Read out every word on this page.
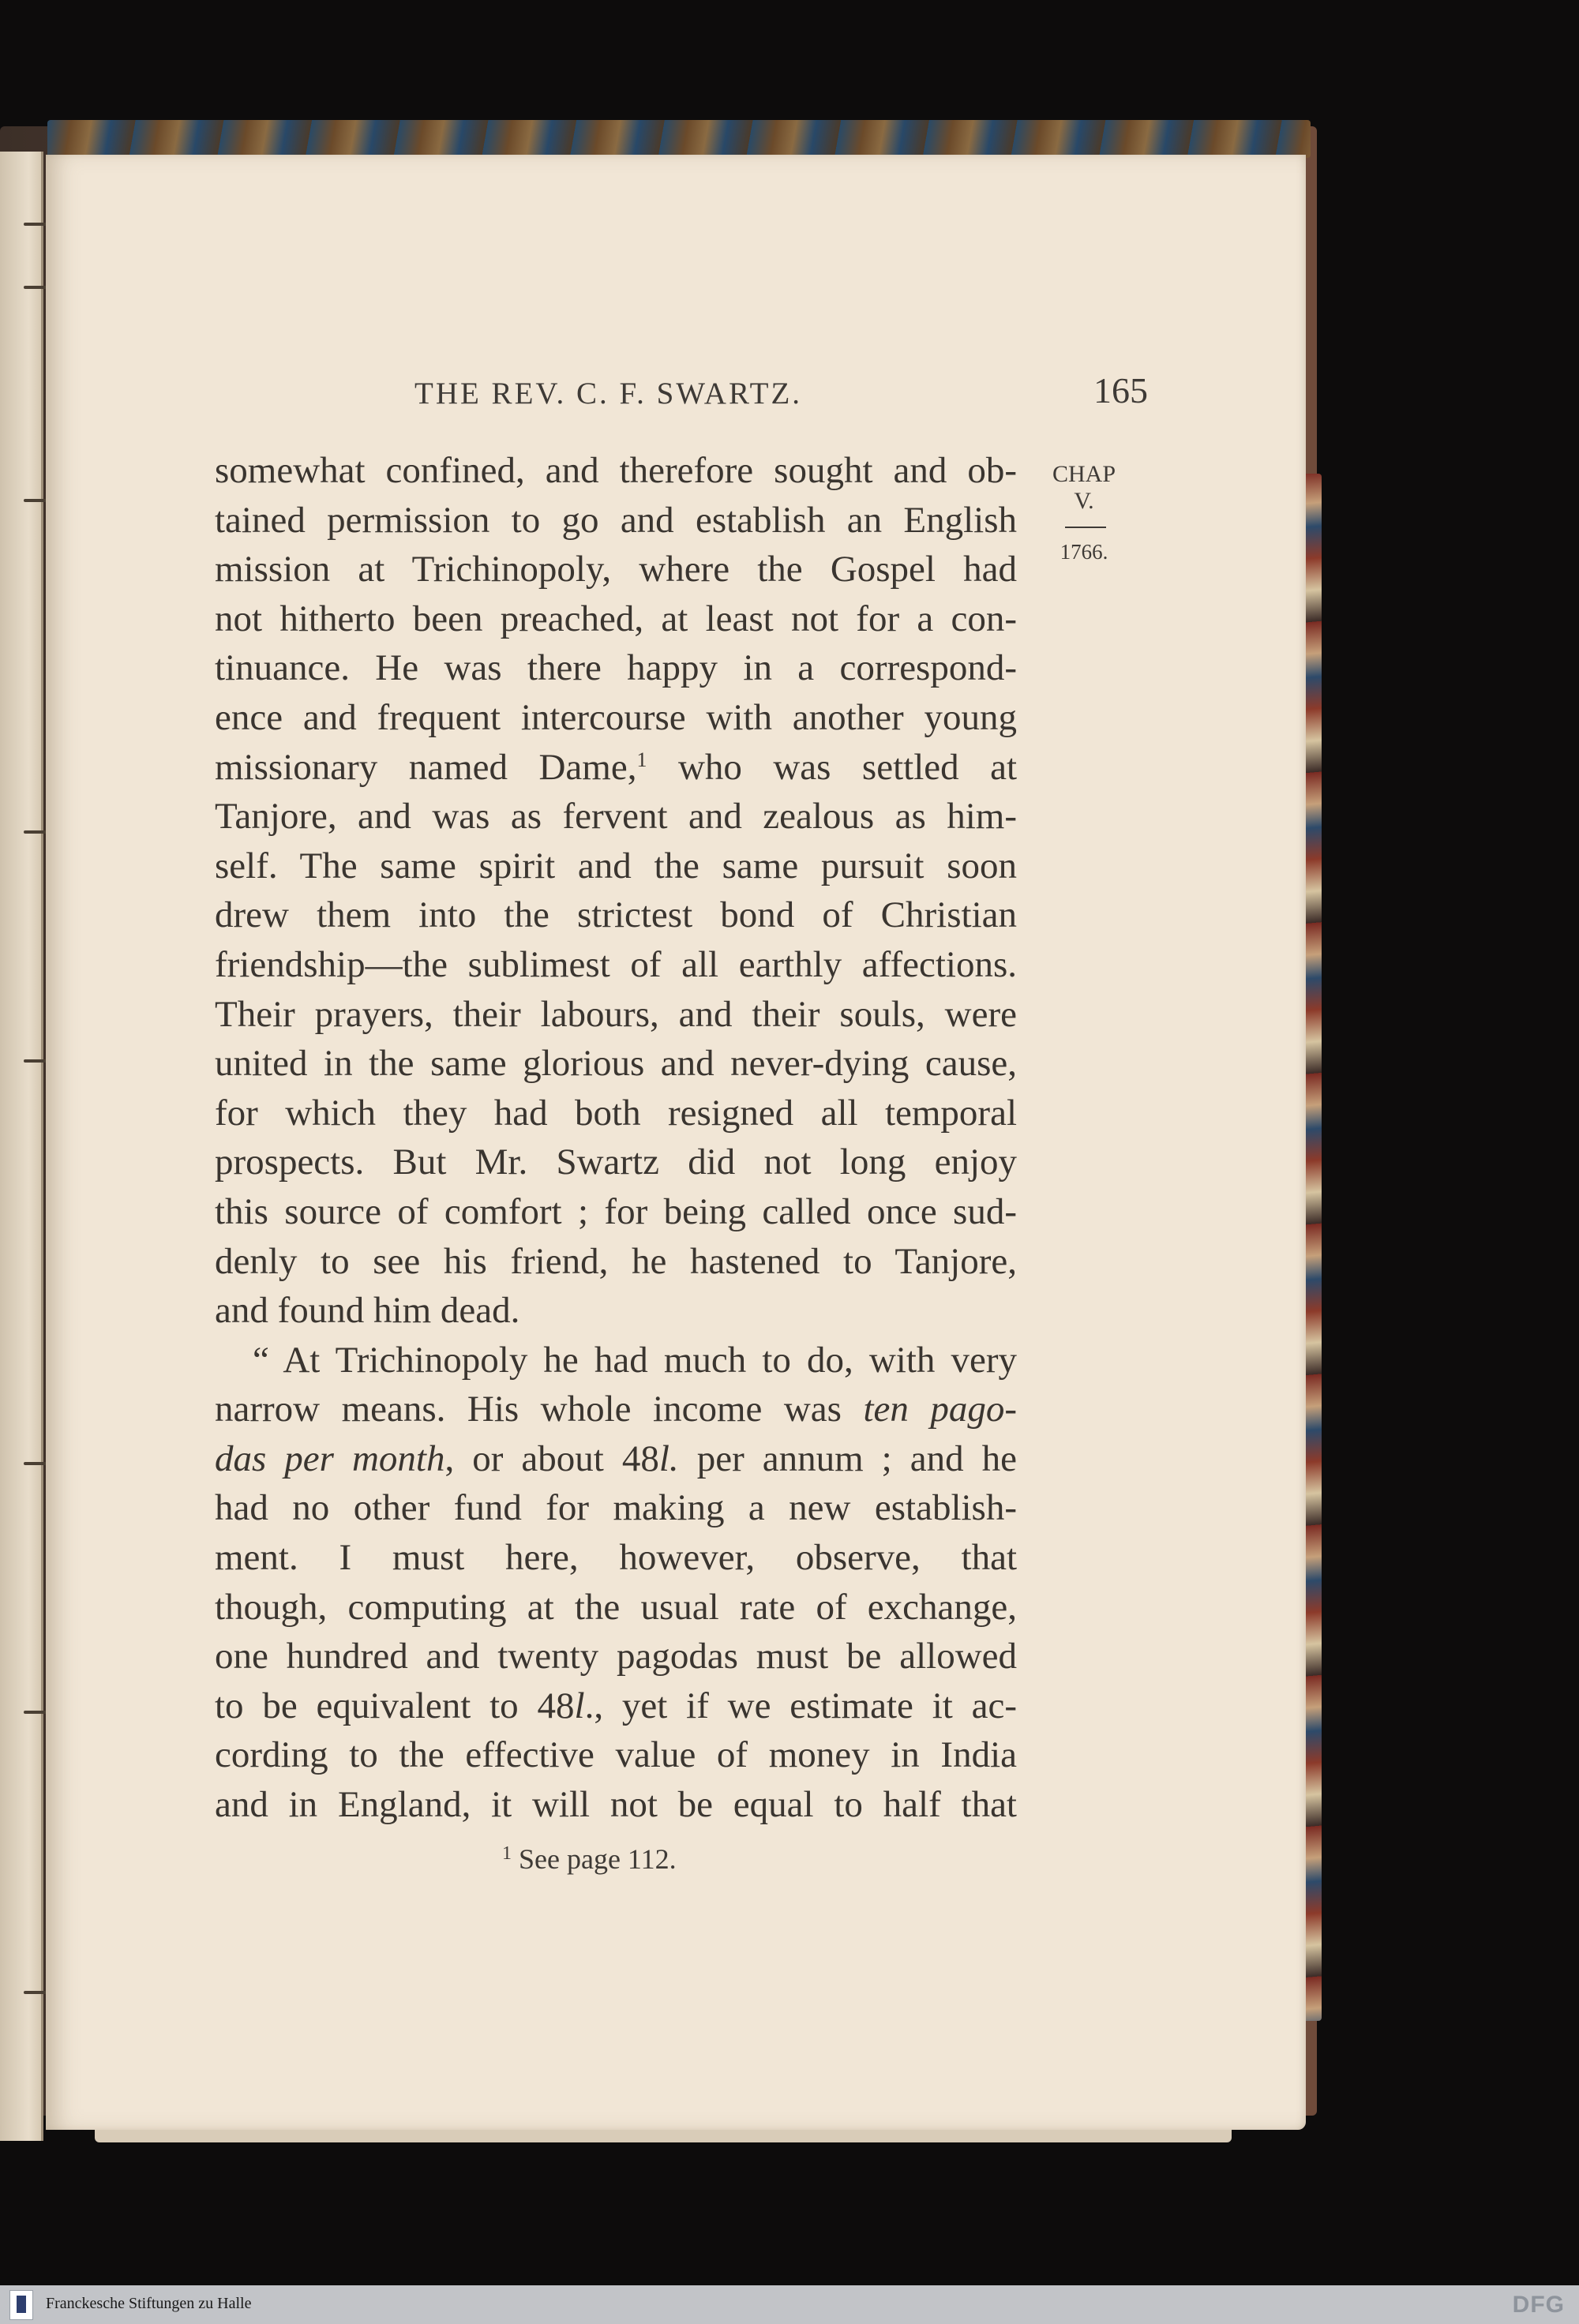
THE REV. C. F. SWARTZ.	165
CHAP
V.
1766.
somewhat confined, and therefore sought and ob-
tained permission to go and establish an English
mission at Trichinopoly, where the Gospel had
not hitherto been preached, at least not for a con-
tinuance. He was there happy in a correspond-
ence and frequent intercourse with another young
missionary named Dame,$^1$ who was settled at
Tanjore, and was as fervent and zealous as him-
self. The same spirit and the same pursuit soon
drew them into the strictest bond of Christian
friendship—the sublimest of all earthly affections.
Their prayers, their labours, and their souls, were
united in the same glorious and never-dying cause,
for which they had both resigned all temporal
prospects. But Mr. Swartz did not long enjoy
this source of comfort ; for being called once sud-
denly to see his friend, he hastened to Tanjore,
and found him dead.
“ At Trichinopoly he had much to do, with very
narrow means. His whole income was ten pago-
das per month, or about 48l. per annum ; and he
had no other fund for making a new establish-
ment. I must here, however, observe, that
though, computing at the usual rate of exchange,
one hundred and twenty pagodas must be allowed
to be equivalent to 48l., yet if we estimate it ac-
cording to the effective value of money in India
and in England, it will not be equal to half that
$^1$ See page 112.
Franckesche Stiftungen zu Halle	DFG
